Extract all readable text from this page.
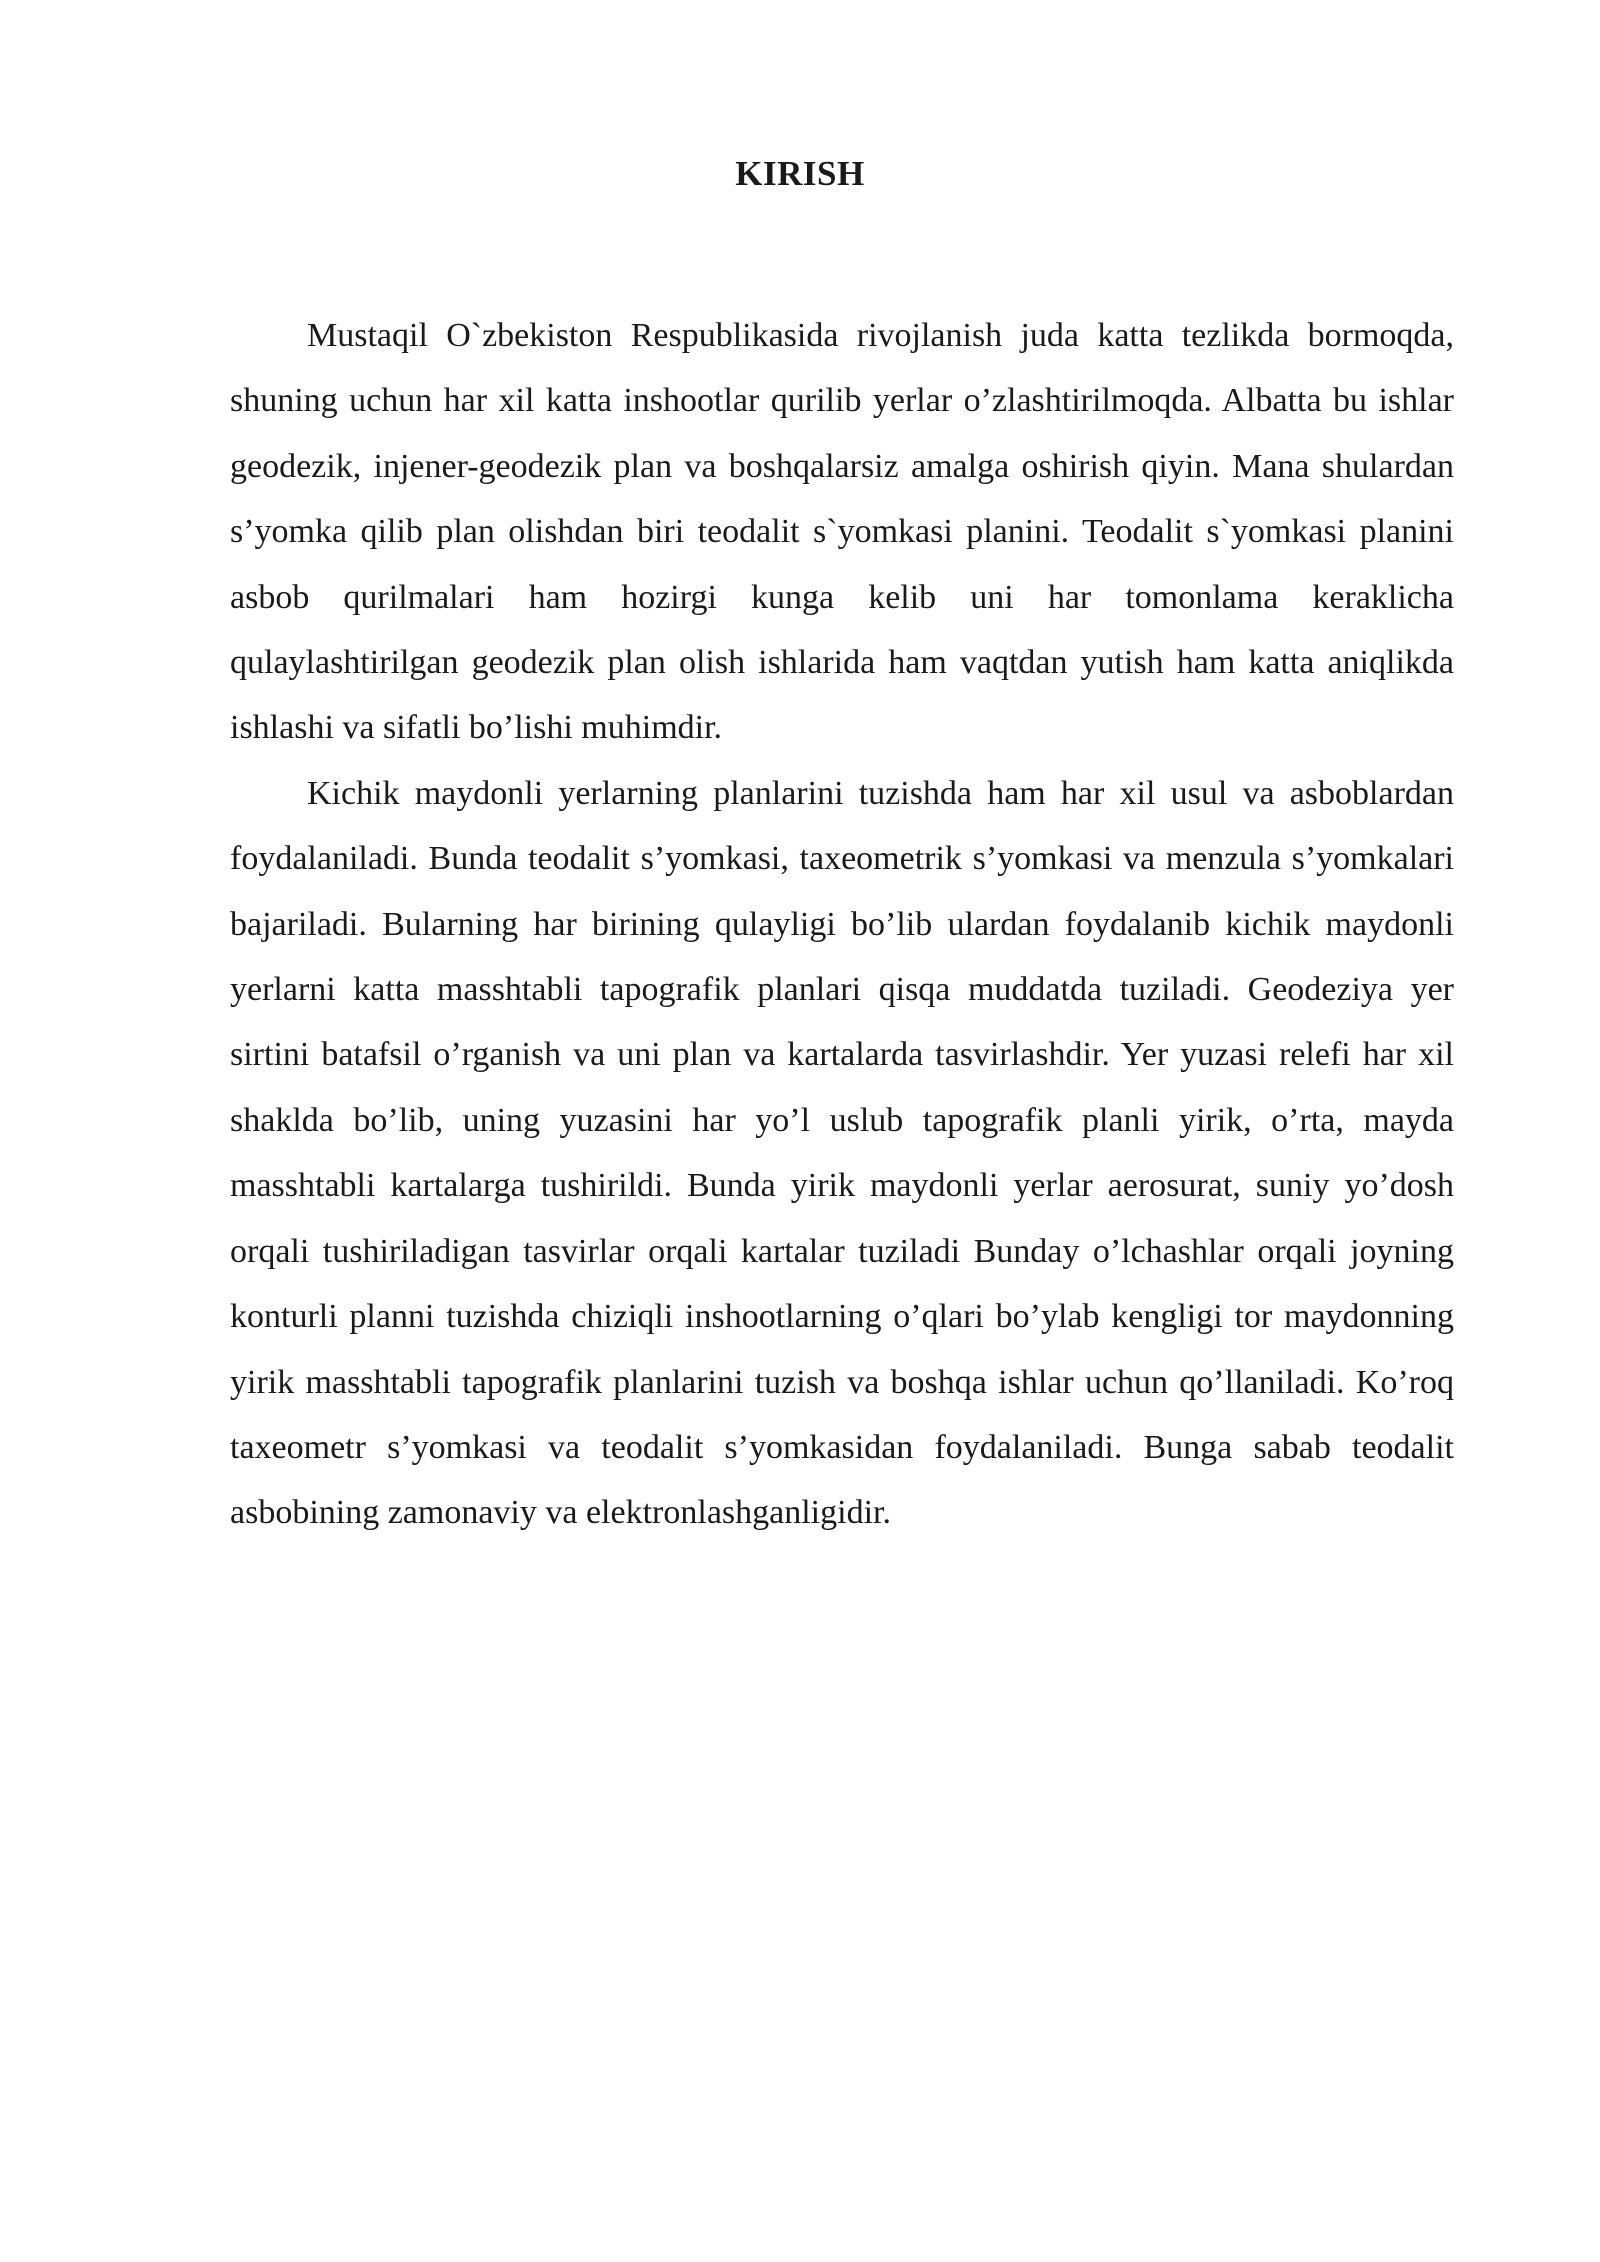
KIRISH

Mustaqil O`zbekiston Respublikasida rivojlanish juda katta tezlikda bormoqda, shuning uchun har xil katta inshootlar qurilib yerlar o’zlashtirilmoqda. Albatta bu ishlar geodezik, injener-geodezik plan va boshqalarsiz amalga oshirish qiyin. Mana shulardan s’yomka qilib plan olishdan biri teodalit s`yomkasi planini. Teodalit s`yomkasi planini asbob qurilmalari ham hozirgi kunga kelib uni har tomonlama keraklicha qulaylashtirilgan geodezik plan olish ishlarida ham vaqtdan yutish ham katta aniqlikda ishlashi va sifatli bo’lishi muhimdir.

Kichik maydonli yerlarning planlarini tuzishda ham har xil usul va asboblardan foydalaniladi. Bunda teodalit s’yomkasi, taxeometrik s’yomkasi va menzula s’yomkalari bajariladi. Bularning har birining qulayligi bo’lib ulardan foydalanib kichik maydonli yerlarni katta masshtabli tapografik planlari qisqa muddatda tuziladi. Geodeziya yer sirtini batafsil o’rganish va uni plan va kartalarda tasvirlashdir. Yer yuzasi relefi har xil shaklda bo’lib, uning yuzasini har yo’l uslub tapografik planli yirik, o’rta, mayda masshtabli kartalarga tushirildi. Bunda yirik maydonli yerlar aerosurat, suniy yo’dosh orqali tushiriladigan tasvirlar orqali kartalar tuziladi Bunday o’lchashlar orqali joyning konturli planni tuzishda chiziqli inshootlarning o’qlari bo’ylab kengligi tor maydonning yirik masshtabli tapografik planlarini tuzish va boshqa ishlar uchun qo’llaniladi. Ko’roq taxeometr s’yomkasi va teodalit s’yomkasidan foydalaniladi. Bunga sabab teodalit asbobining zamonaviy va elektronlashganligidir.
